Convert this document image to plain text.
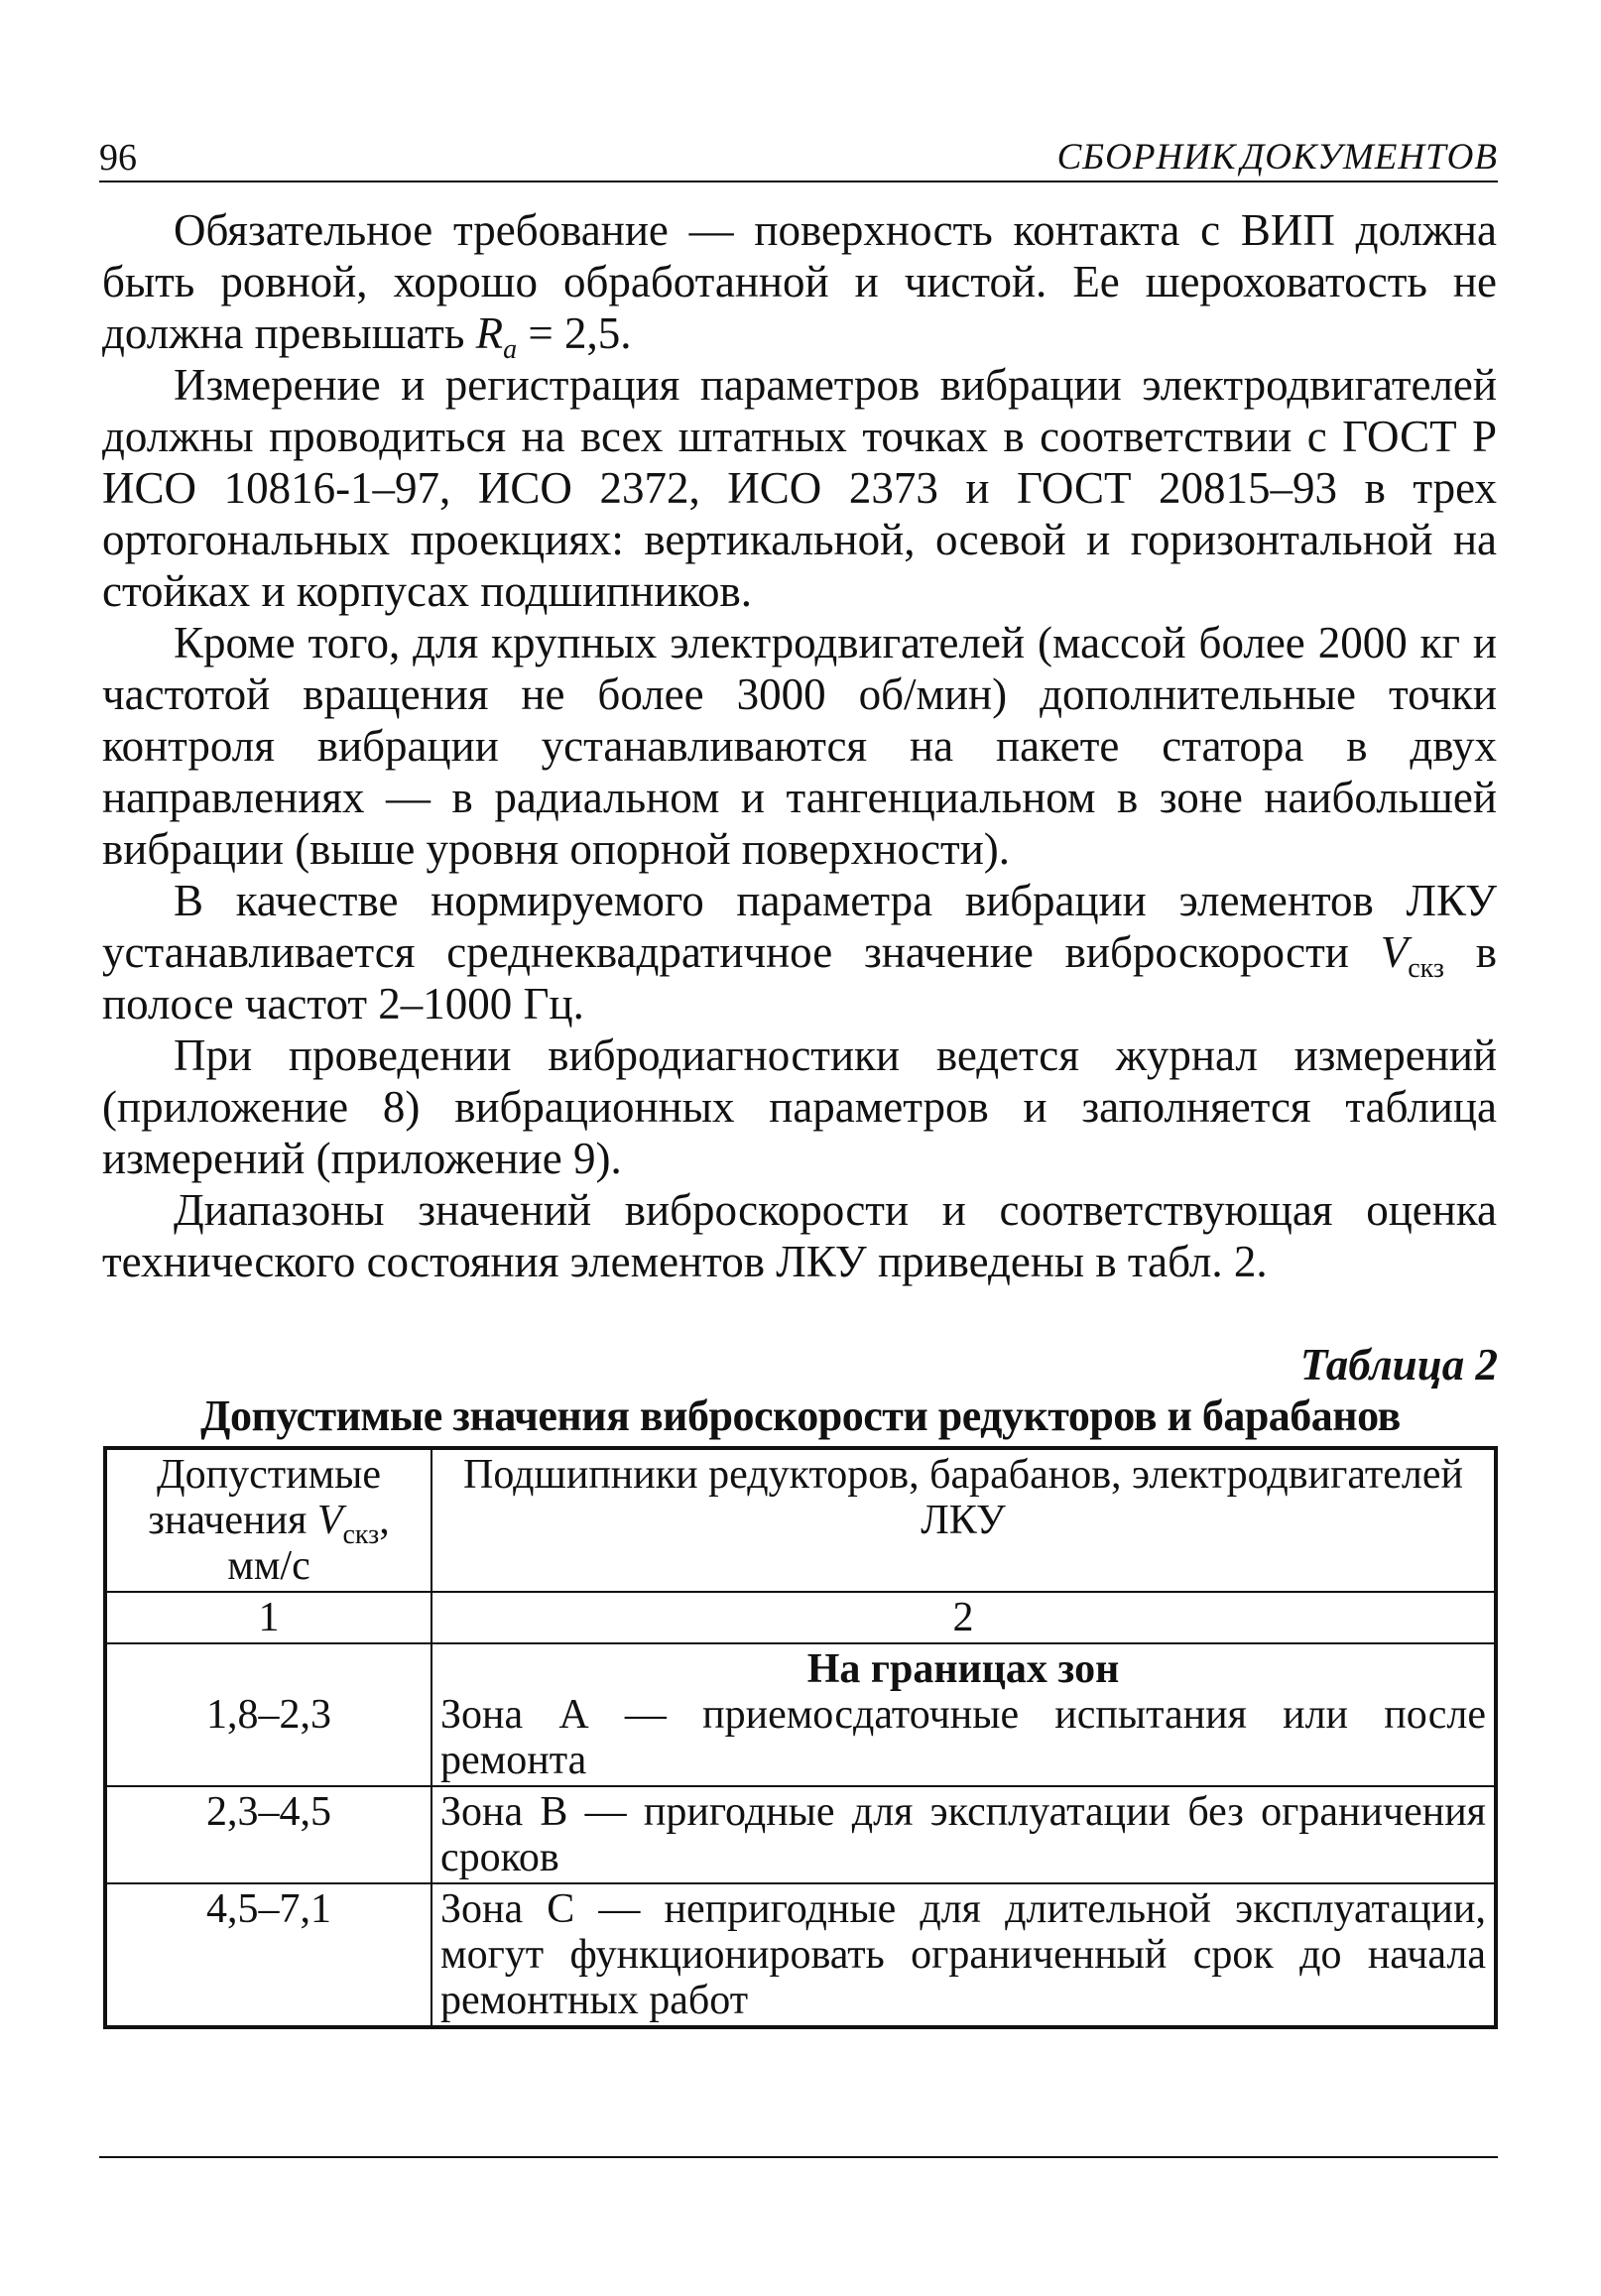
96	СБОРНИК ДОКУМЕНТОВ

Обязательное требование — поверхность контакта с ВИП должна быть ровной, хорошо обработанной и чистой. Ее шероховатость не должна превышать $R_a = 2,5$.

Измерение и регистрация параметров вибрации электродвигателей должны проводиться на всех штатных точках в соответствии с ГОСТ Р ИСО 10816-1–97, ИСО 2372, ИСО 2373 и ГОСТ 20815–93 в трех ортогональных проекциях: вертикальной, осевой и горизонтальной на стойках и корпусах подшипников.

Кроме того, для крупных электродвигателей (массой более 2000 кг и частотой вращения не более 3000 об/мин) дополнительные точки контроля вибрации устанавливаются на пакете статора в двух направлениях — в радиальном и тангенциальном в зоне наибольшей вибрации (выше уровня опорной поверхности).

В качестве нормируемого параметра вибрации элементов ЛКУ устанавливается среднеквадратичное значение виброскорости $V_{скз}$ в полосе частот 2–1000 Гц.

При проведении вибродиагностики ведется журнал измерений (приложение 8) вибрационных параметров и заполняется таблица измерений (приложение 9).

Диапазоны значений виброскорости и соответствующая оценка технического состояния элементов ЛКУ приведены в табл. 2.

Таблица 2
Допустимые значения виброскорости редукторов и барабанов
Допустимые значения $V_{скз}$, мм/с	Подшипники редукторов, барабанов, электродвигателей ЛКУ
1	2

1,8–2,3	На границах зон
Зона А — приемосдаточные испытания или после ремонта

2,3–4,5	Зона В — пригодные для эксплуатации без ограничения сроков
4,5–7,1	Зона С — непригодные для длительной эксплуатации, могут функционировать ограниченный срок до начала ремонтных работ
